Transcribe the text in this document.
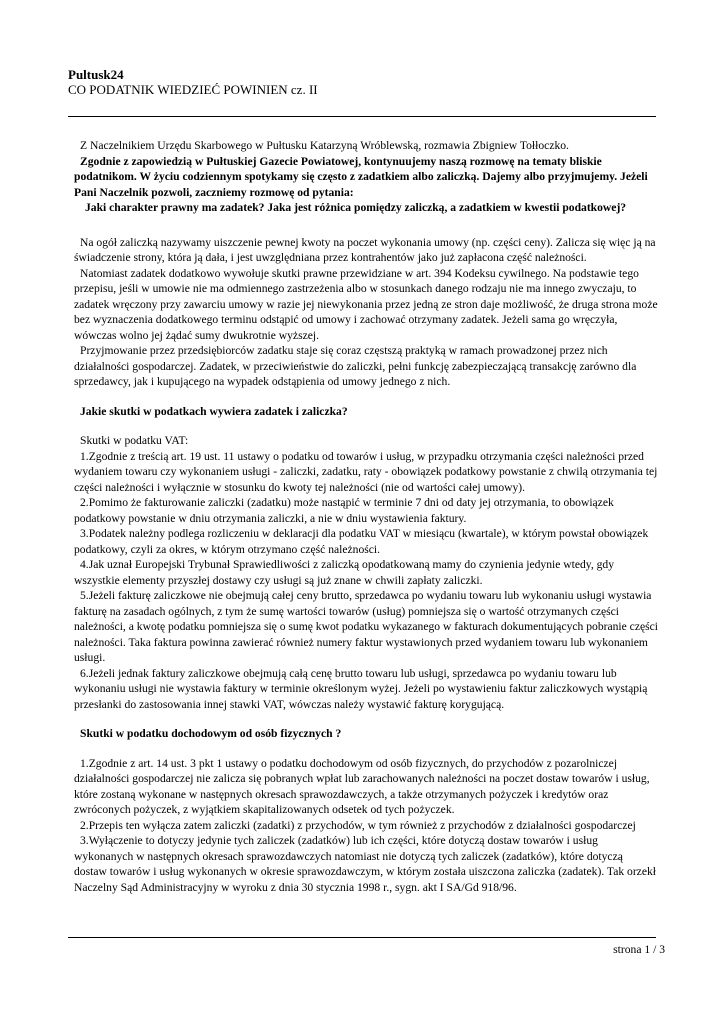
Pultusk24
CO PODATNIK WIEDZIEĆ POWINIEN cz. II

Z Naczelnikiem Urzędu Skarbowego w Pułtusku Katarzyną Wróblewską, rozmawia Zbigniew Tołłoczko.

Zgodnie z zapowiedzią w Pułtuskiej Gazecie Powiatowej, kontynuujemy naszą rozmowę na tematy bliskie podatnikom. W życiu codziennym spotykamy się często z zadatkiem albo zaliczką. Dajemy albo przyjmujemy. Jeżeli Pani Naczelnik pozwoli, zaczniemy rozmowę od pytania:

Jaki charakter prawny ma zadatek? Jaka jest różnica pomiędzy zaliczką, a zadatkiem w kwestii podatkowej?

Na ogół zaliczką nazywamy uiszczenie pewnej kwoty na poczet wykonania umowy (np. części ceny). Zalicza się więc ją na świadczenie strony, która ją dała, i jest uwzględniana przez kontrahentów jako już zapłacona część należności.

Natomiast zadatek dodatkowo wywołuje skutki prawne przewidziane w art. 394 Kodeksu cywilnego. Na podstawie tego przepisu, jeśli w umowie nie ma odmiennego zastrzeżenia albo w stosunkach danego rodzaju nie ma innego zwyczaju, to zadatek wręczony przy zawarciu umowy w razie jej niewykonania przez jedną ze stron daje możliwość, że druga strona może bez wyznaczenia dodatkowego terminu odstąpić od umowy i zachować otrzymany zadatek. Jeżeli sama go wręczyła, wówczas wolno jej żądać sumy dwukrotnie wyższej.

Przyjmowanie przez przedsiębiorców zadatku staje się coraz częstszą praktyką w ramach prowadzonej przez nich działalności gospodarczej. Zadatek, w przeciwieństwie do zaliczki, pełni funkcję zabezpieczającą transakcję zarówno dla sprzedawcy, jak i kupującego na wypadek odstąpienia od umowy jednego z nich.

Jakie skutki w podatkach wywiera zadatek i zaliczka?

Skutki w podatku VAT:

1.Zgodnie z treścią art. 19 ust. 11 ustawy o podatku od towarów i usług, w przypadku otrzymania części należności przed wydaniem towaru czy wykonaniem usługi - zaliczki, zadatku, raty - obowiązek podatkowy powstanie z chwilą otrzymania tej części należności i wyłącznie w stosunku do kwoty tej należności (nie od wartości całej umowy).

2.Pomimo że fakturowanie zaliczki (zadatku) może nastąpić w terminie 7 dni od daty jej otrzymania, to obowiązek podatkowy powstanie w dniu otrzymania zaliczki, a nie w dniu wystawienia faktury.

3.Podatek należny podlega rozliczeniu w deklaracji dla podatku VAT w miesiącu (kwartale), w którym powstał obowiązek podatkowy, czyli za okres, w którym otrzymano część należności.

4.Jak uznał Europejski Trybunał Sprawiedliwości z zaliczką opodatkowaną mamy do czynienia jedynie wtedy, gdy wszystkie elementy przyszłej dostawy czy usługi są już znane w chwili zapłaty zaliczki.

5.Jeżeli fakturę zaliczkowe nie obejmują całej ceny brutto, sprzedawca po wydaniu towaru lub wykonaniu usługi wystawia fakturę na zasadach ogólnych, z tym że sumę wartości towarów (usług) pomniejsza się o wartość otrzymanych części należności, a kwotę podatku pomniejsza się o sumę kwot podatku wykazanego w fakturach dokumentujących pobranie części należności. Taka faktura powinna zawierać również numery faktur wystawionych przed wydaniem towaru lub wykonaniem usługi.

6.Jeżeli jednak faktury zaliczkowe obejmują całą cenę brutto towaru lub usługi, sprzedawca po wydaniu towaru lub wykonaniu usługi nie wystawia faktury w terminie określonym wyżej. Jeżeli po wystawieniu faktur zaliczkowych wystąpią przesłanki do zastosowania innej stawki VAT, wówczas należy wystawić fakturę korygującą.

Skutki w podatku dochodowym od osób fizycznych ?

1.Zgodnie z art. 14 ust. 3 pkt 1 ustawy o podatku dochodowym od osób fizycznych, do przychodów z pozarolniczej działalności gospodarczej nie zalicza się pobranych wpłat lub zarachowanych należności na poczet dostaw towarów i usług, które zostaną wykonane w następnych okresach sprawozdawczych, a także otrzymanych pożyczek i kredytów oraz zwróconych pożyczek, z wyjątkiem skapitalizowanych odsetek od tych pożyczek.

2.Przepis ten wyłącza zatem zaliczki (zadatki) z przychodów, w tym również z przychodów z działalności gospodarczej

3.Wyłączenie to dotyczy jedynie tych zaliczek (zadatków) lub ich części, które dotyczą dostaw towarów i usług wykonanych w następnych okresach sprawozdawczych natomiast nie dotyczą tych zaliczek (zadatków), które dotyczą dostaw towarów i usług wykonanych w okresie sprawozdawczym, w którym została uiszczona zaliczka (zadatek). Tak orzekł Naczelny Sąd Administracyjny w wyroku z dnia 30 stycznia 1998 r., sygn. akt I SA/Gd 918/96.

strona 1 / 3
